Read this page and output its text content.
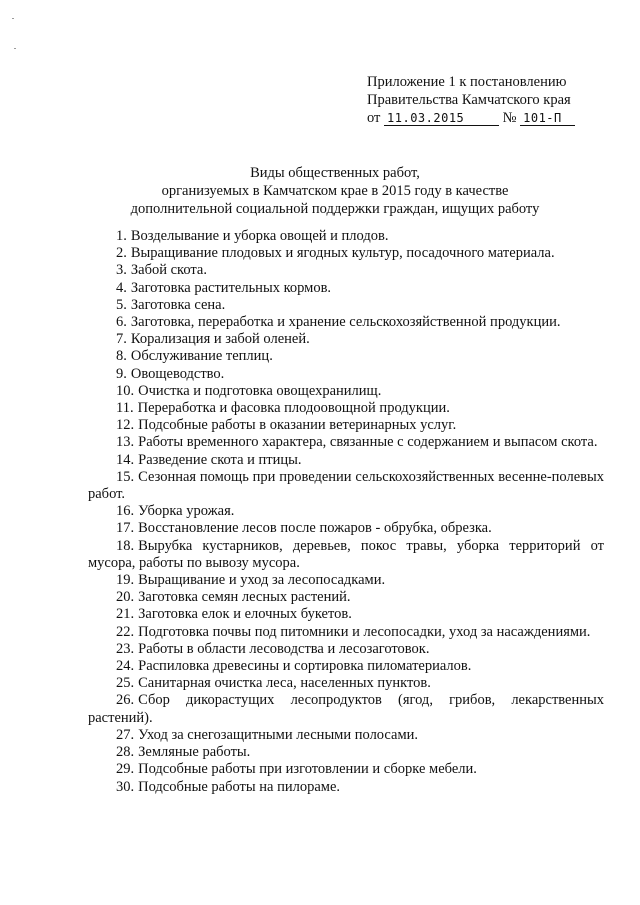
Приложение 1 к постановлению
Правительства Камчатского края
от 11.03.2015	№ 101-П
Виды общественных работ,
организуемых в Камчатском крае в 2015 году в качестве
дополнительной социальной поддержки граждан, ищущих работу
1. Возделывание и уборка овощей и плодов.
2. Выращивание плодовых и ягодных культур, посадочного материала.
3. Забой скота.
4. Заготовка растительных кормов.
5. Заготовка сена.
6. Заготовка, переработка и хранение сельскохозяйственной продукции.
7. Корализация и забой оленей.
8. Обслуживание теплиц.
9. Овощеводство.
10. Очистка и подготовка овощехранилищ.
11. Переработка и фасовка плодоовощной продукции.
12. Подсобные работы в оказании ветеринарных услуг.
13. Работы временного характера, связанные с содержанием и выпасом скота.
14. Разведение скота и птицы.
15. Сезонная помощь при проведении сельскохозяйственных весенне-полевых работ.
16. Уборка урожая.
17. Восстановление лесов после пожаров - обрубка, обрезка.
18. Вырубка кустарников, деревьев, покос травы, уборка территорий от мусора, работы по вывозу мусора.
19. Выращивание и уход за лесопосадками.
20. Заготовка семян лесных растений.
21. Заготовка елок и елочных букетов.
22. Подготовка почвы под питомники и лесопосадки, уход за насаждениями.
23. Работы в области лесоводства и лесозаготовок.
24. Распиловка древесины и сортировка пиломатериалов.
25. Санитарная очистка леса, населенных пунктов.
26. Сбор дикорастущих лесопродуктов (ягод, грибов, лекарственных растений).
27. Уход за снегозащитными лесными полосами.
28. Земляные работы.
29. Подсобные работы при изготовлении и сборке мебели.
30. Подсобные работы на пилораме.
